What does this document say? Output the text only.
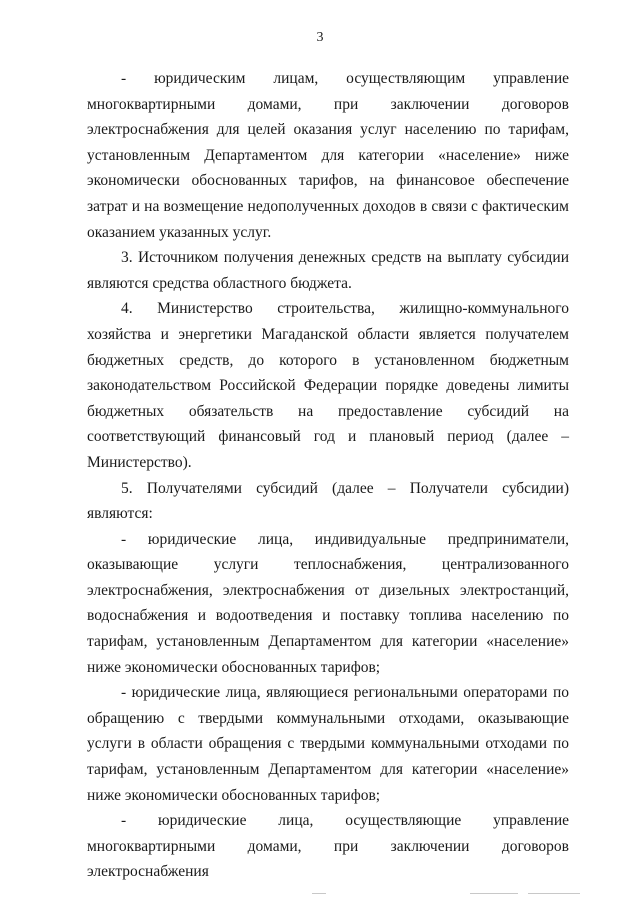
3

- юридическим лицам, осуществляющим управление многоквартирными домами, при заключении договоров электроснабжения для целей оказания услуг населению по тарифам, установленным Департаментом для категории «население» ниже экономически обоснованных тарифов, на финансовое обеспечение затрат и на возмещение недополученных доходов в связи с фактическим оказанием указанных услуг.

3. Источником получения денежных средств на выплату субсидии являются средства областного бюджета.

4. Министерство строительства, жилищно-коммунального хозяйства и энергетики Магаданской области является получателем бюджетных средств, до которого в установленном бюджетным законодательством Российской Федерации порядке доведены лимиты бюджетных обязательств на предоставление субсидий на соответствующий финансовый год и плановый период (далее – Министерство).

5. Получателями субсидий (далее – Получатели субсидии) являются:

- юридические лица, индивидуальные предприниматели, оказывающие услуги теплоснабжения, централизованного электроснабжения, электроснабжения от дизельных электростанций, водоснабжения и водоотведения и поставку топлива населению по тарифам, установленным Департаментом для категории «население» ниже экономически обоснованных тарифов;

- юридические лица, являющиеся региональными операторами по обращению с твердыми коммунальными отходами, оказывающие услуги в области обращения с твердыми коммунальными отходами по тарифам, установленным Департаментом для категории «население» ниже экономически обоснованных тарифов;

- юридические лица, осуществляющие управление многоквартирными домами, при заключении договоров электроснабжения
